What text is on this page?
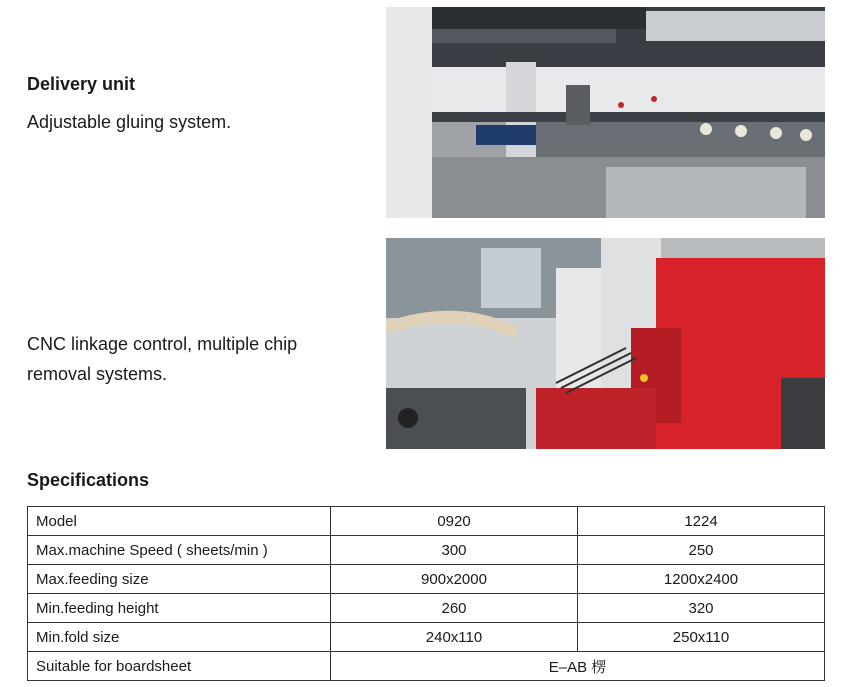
Delivery unit
Adjustable gluing system.
CNC linkage control, multiple chip
removal systems.
Specifications
Model	0920	1224
Max.machine Speed ( sheets/min )	300	250
Max.feeding size	900x2000	1200x2400
Min.feeding height	260	320
Min.fold size	240x110	250x110
Suitable for boardsheet	E–AB 楞	
